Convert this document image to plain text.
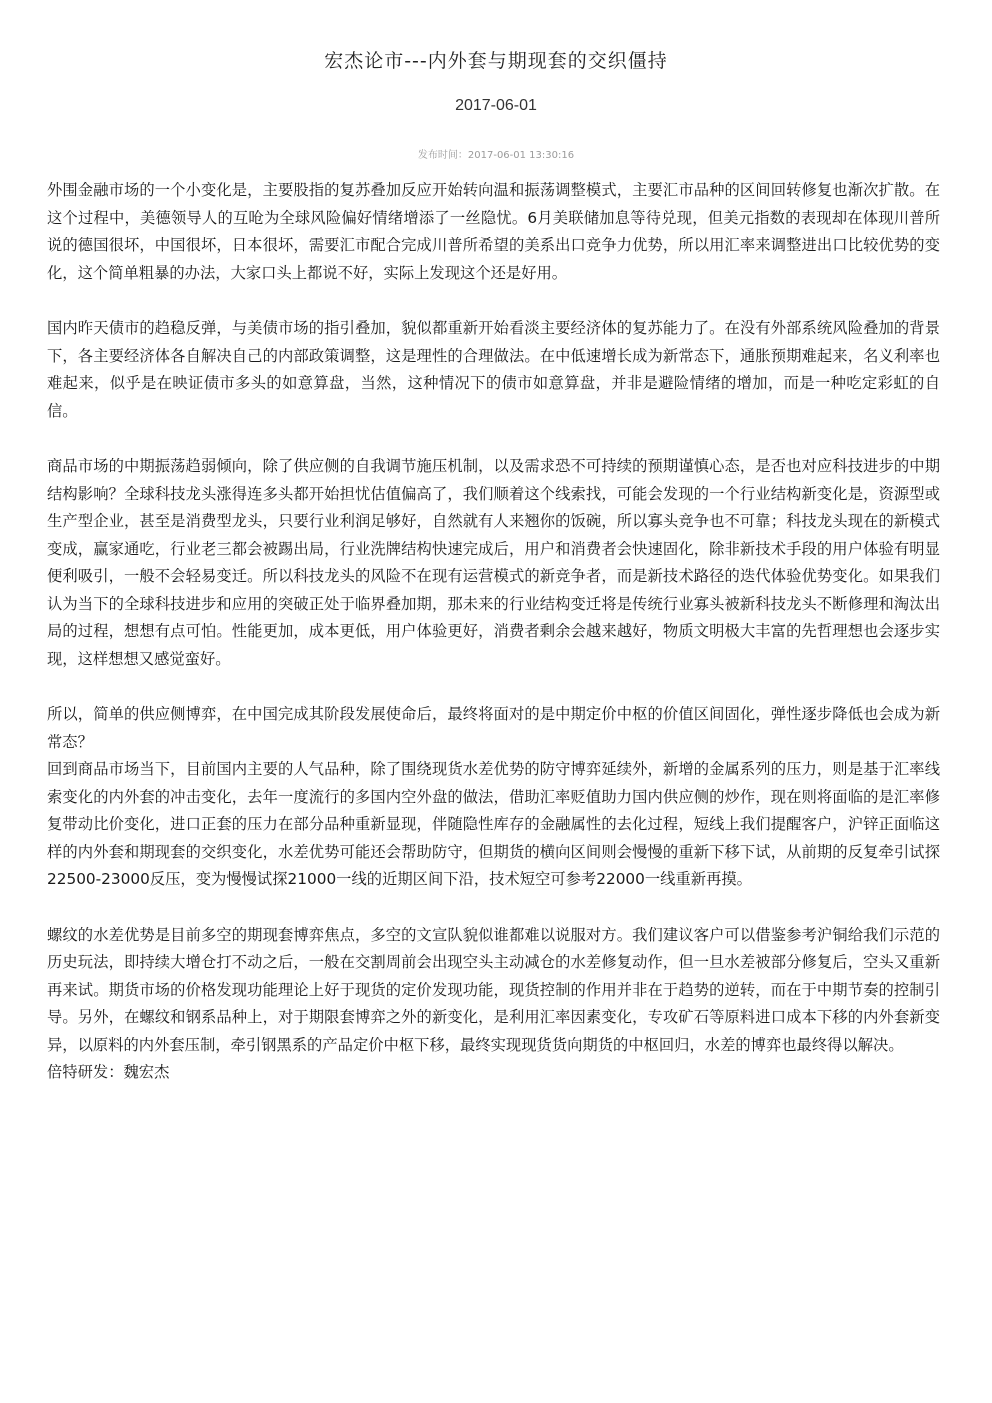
宏杰论市---内外套与期现套的交织僵持
2017-06-01
发布时间：2017-06-01 13:30:16

外围金融市场的一个小变化是，主要股指的复苏叠加反应开始转向温和振荡调整模式，主要汇市品种的区间回转修复也渐次扩散。在这个过程中，美德领导人的互呛为全球风险偏好情绪增添了一丝隐忧。6月美联储加息等待兑现，但美元指数的表现却在体现川普所说的德国很坏，中国很坏，日本很坏，需要汇市配合完成川普所希望的美系出口竞争力优势，所以用汇率来调整进出口比较优势的变化，这个简单粗暴的办法，大家口头上都说不好，实际上发现这个还是好用。

国内昨天债市的趋稳反弹，与美债市场的指引叠加，貌似都重新开始看淡主要经济体的复苏能力了。在没有外部系统风险叠加的背景下，各主要经济体各自解决自己的内部政策调整，这是理性的合理做法。在中低速增长成为新常态下，通胀预期难起来，名义利率也难起来，似乎是在映证债市多头的如意算盘，当然，这种情况下的债市如意算盘，并非是避险情绪的增加，而是一种吃定彩虹的自信。

商品市场的中期振荡趋弱倾向，除了供应侧的自我调节施压机制，以及需求恐不可持续的预期谨慎心态，是否也对应科技进步的中期结构影响？全球科技龙头涨得连多头都开始担忧估值偏高了，我们顺着这个线索找，可能会发现的一个行业结构新变化是，资源型或生产型企业，甚至是消费型龙头，只要行业利润足够好，自然就有人来翘你的饭碗，所以寡头竞争也不可靠；科技龙头现在的新模式变成，赢家通吃，行业老三都会被踢出局，行业洗牌结构快速完成后，用户和消费者会快速固化，除非新技术手段的用户体验有明显便利吸引，一般不会轻易变迁。所以科技龙头的风险不在现有运营模式的新竞争者，而是新技术路径的迭代体验优势变化。如果我们认为当下的全球科技进步和应用的突破正处于临界叠加期，那未来的行业结构变迁将是传统行业寡头被新科技龙头不断修理和淘汰出局的过程，想想有点可怕。性能更加，成本更低，用户体验更好，消费者剩余会越来越好，物质文明极大丰富的先哲理想也会逐步实现，这样想想又感觉蛮好。

所以，简单的供应侧博弈，在中国完成其阶段发展使命后，最终将面对的是中期定价中枢的价值区间固化，弹性逐步降低也会成为新常态？

回到商品市场当下，目前国内主要的人气品种，除了围绕现货水差优势的防守博弈延续外，新增的金属系列的压力，则是基于汇率线索变化的内外套的冲击变化，去年一度流行的多国内空外盘的做法，借助汇率贬值助力国内供应侧的炒作，现在则将面临的是汇率修复带动比价变化，进口正套的压力在部分品种重新显现，伴随隐性库存的金融属性的去化过程，短线上我们提醒客户，沪锌正面临这样的内外套和期现套的交织变化，水差优势可能还会帮助防守，但期货的横向区间则会慢慢的重新下移下试，从前期的反复牵引试探22500-23000反压，变为慢慢试探21000一线的近期区间下沿，技术短空可参考22000一线重新再摸。

螺纹的水差优势是目前多空的期现套博弈焦点，多空的文宣队貌似谁都难以说服对方。我们建议客户可以借鉴参考沪铜给我们示范的历史玩法，即持续大增仓打不动之后，一般在交割周前会出现空头主动减仓的水差修复动作，但一旦水差被部分修复后，空头又重新再来试。期货市场的价格发现功能理论上好于现货的定价发现功能，现货控制的作用并非在于趋势的逆转，而在于中期节奏的控制引导。另外，在螺纹和钢系品种上，对于期限套博弈之外的新变化，是利用汇率因素变化，专攻矿石等原料进口成本下移的内外套新变异，以原料的内外套压制，牵引钢黑系的产品定价中枢下移，最终实现现货货向期货的中枢回归，水差的博弈也最终得以解决。

倍特研发：魏宏杰
